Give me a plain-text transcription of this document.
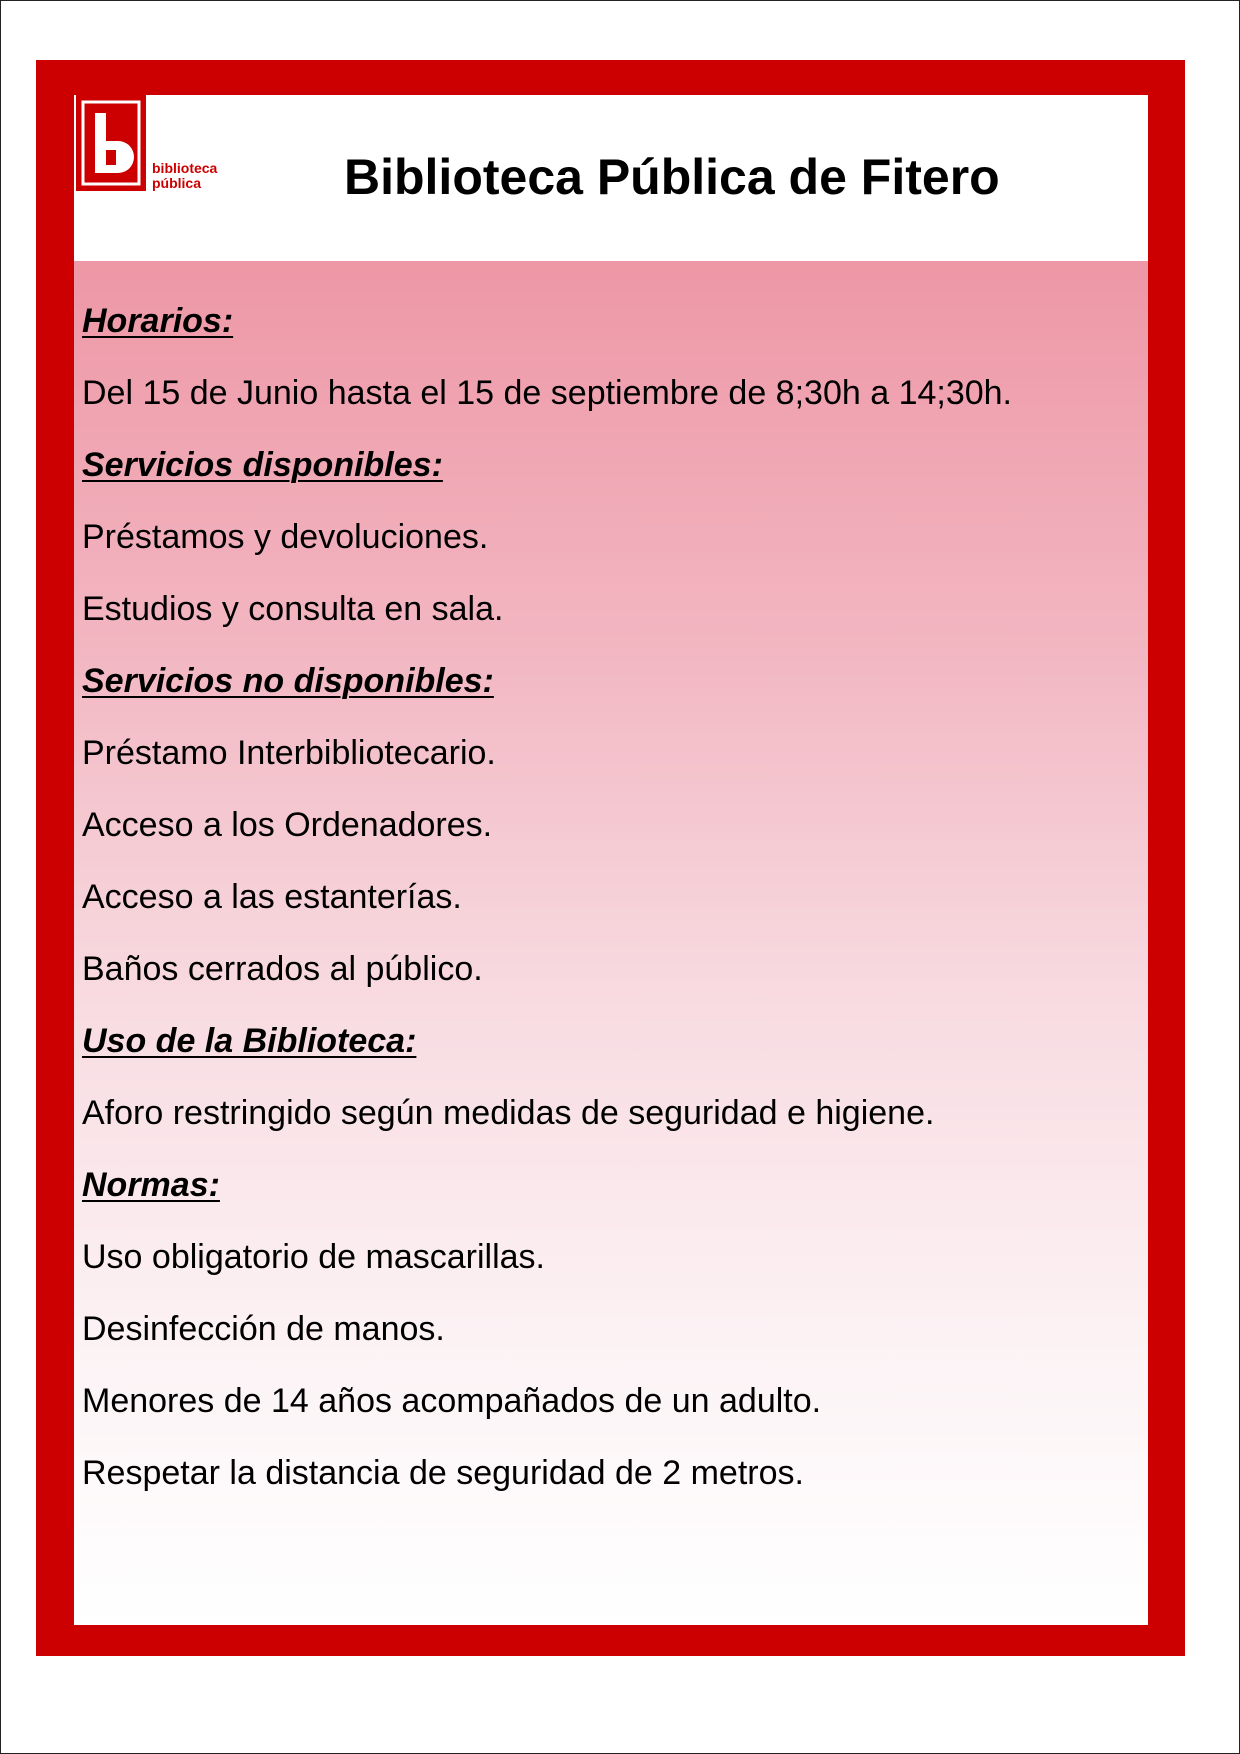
biblioteca
pública	Biblioteca Pública de Fitero
Horarios:
Del 15 de Junio hasta el 15 de septiembre de 8;30h a 14;30h.
Servicios disponibles:
Préstamos y devoluciones.
Estudios y consulta en sala.
Servicios no disponibles:
Préstamo Interbibliotecario.
Acceso a los Ordenadores.
Acceso a las estanterías.
Baños cerrados al público.
Uso de la Biblioteca:
Aforo restringido según medidas de seguridad e higiene.
Normas:
Uso obligatorio de mascarillas.
Desinfección de manos.
Menores de 14 años acompañados de un adulto.
Respetar la distancia de seguridad de 2 metros.
